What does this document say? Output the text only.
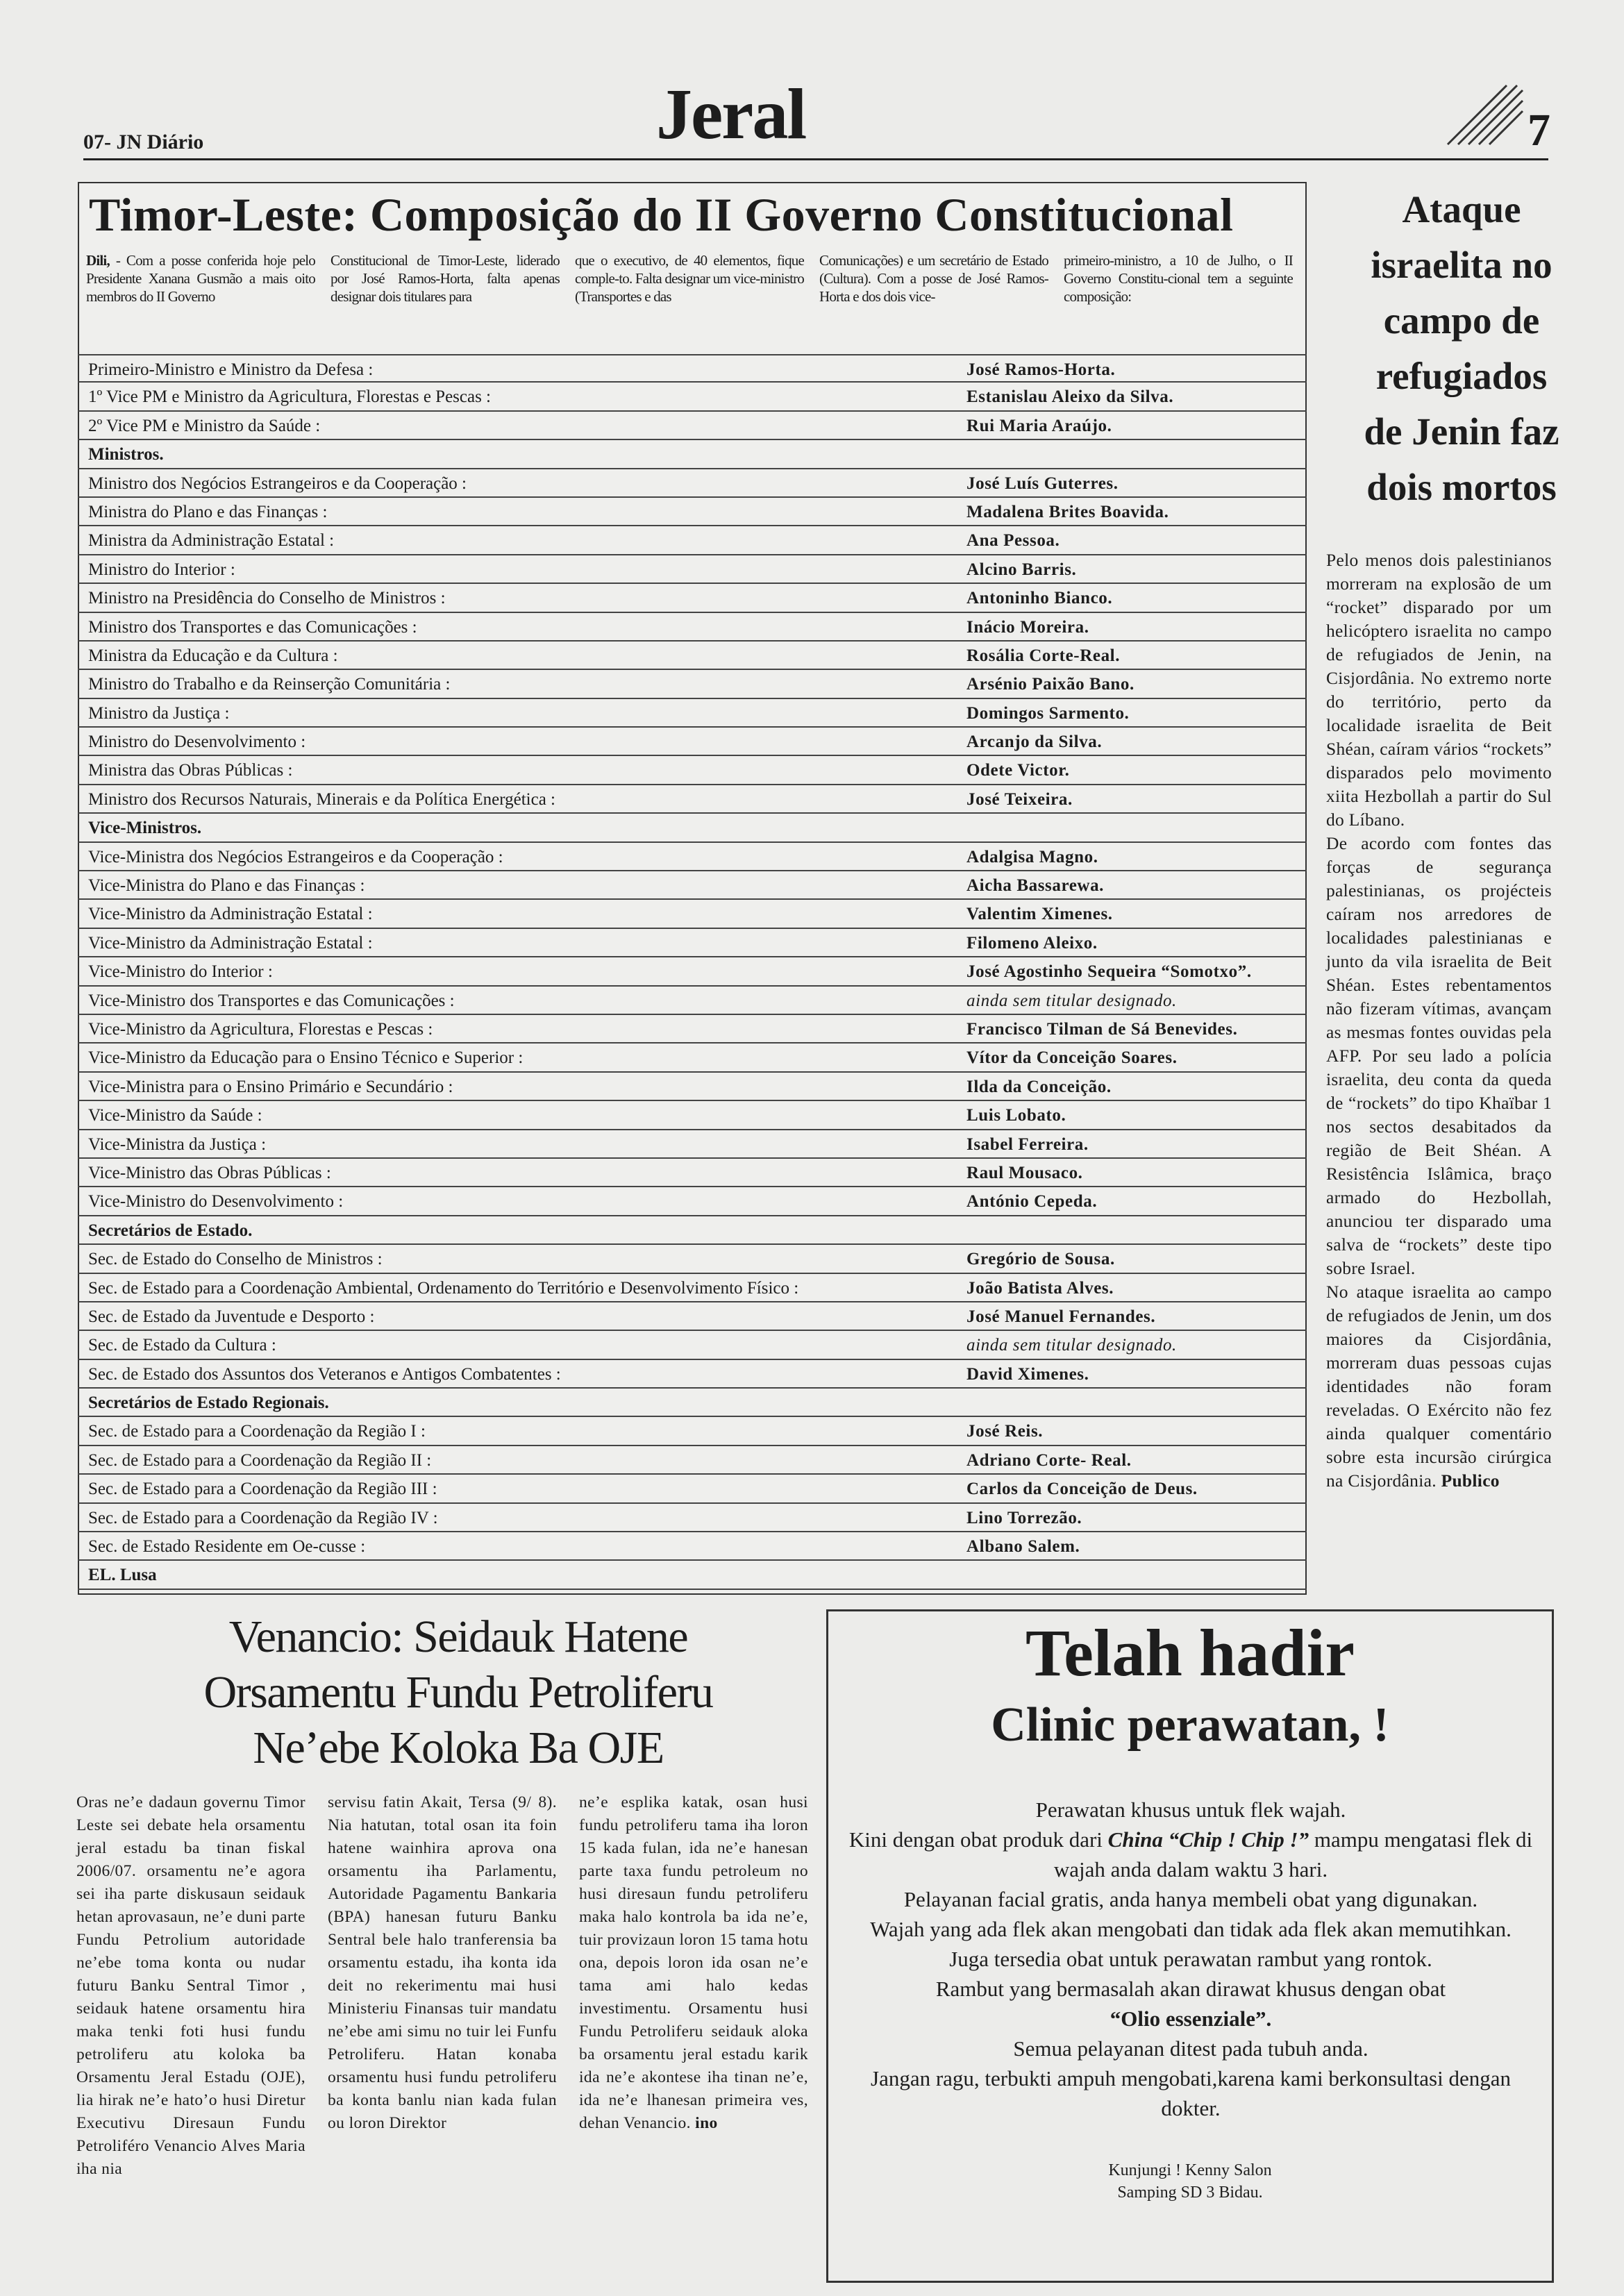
07- JN Diário	Jeral	7
Timor-Leste: Composição do II Governo Constitucional
Dili, - Com a posse conferida hoje pelo Presidente Xanana Gusmão a mais oito membros do II Governo
Constitucional de Timor-Leste, liderado por José Ramos-Horta, falta apenas designar dois titulares para
que o executivo, de 40 elementos, fique comple-to. Falta designar um vice-ministro (Transportes e das
Comunicações) e um secretário de Estado (Cultura). Com a posse de José Ramos-Horta e dos dois vice-
primeiro-ministro, a 10 de Julho, o II Governo Constitu-cional tem a seguinte composição:
Primeiro-Ministro e Ministro da Defesa :	José Ramos-Horta.
1º Vice PM e Ministro da Agricultura, Florestas e Pescas :	Estanislau Aleixo da Silva.
2º Vice PM e Ministro da Saúde :	Rui Maria Araújo.
Ministros.
Ministro dos Negócios Estrangeiros e da Cooperação :	José Luís Guterres.
Ministra do Plano e das Finanças :	Madalena Brites Boavida.
Ministra da Administração Estatal :	Ana Pessoa.
Ministro do Interior :	Alcino Barris.
Ministro na Presidência do Conselho de Ministros :	Antoninho Bianco.
Ministro dos Transportes e das Comunicações :	Inácio Moreira.
Ministra da Educação e da Cultura :	Rosália Corte-Real.
Ministro do Trabalho e da Reinserção Comunitária :	Arsénio Paixão Bano.
Ministro da Justiça :	Domingos Sarmento.
Ministro do Desenvolvimento :	Arcanjo da Silva.
Ministra das Obras Públicas :	Odete Victor.
Ministro dos Recursos Naturais, Minerais e da Política Energética :	José Teixeira.
Vice-Ministros.
Vice-Ministra dos Negócios Estrangeiros e da Cooperação :	Adalgisa Magno.
Vice-Ministra do Plano e das Finanças :	Aicha Bassarewa.
Vice-Ministro da Administração Estatal :	Valentim Ximenes.
Vice-Ministro da Administração Estatal :	Filomeno Aleixo.
Vice-Ministro do Interior :	José Agostinho Sequeira “Somotxo”.
Vice-Ministro dos Transportes e das Comunicações :	ainda sem titular designado.
Vice-Ministro da Agricultura, Florestas e Pescas :	Francisco Tilman de Sá Benevides.
Vice-Ministro da Educação para o Ensino Técnico e Superior :	Vítor da Conceição Soares.
Vice-Ministra para o Ensino Primário e Secundário :	Ilda da Conceição.
Vice-Ministro da Saúde :	Luis Lobato.
Vice-Ministra da Justiça :	Isabel Ferreira.
Vice-Ministro das Obras Públicas :	Raul Mousaco.
Vice-Ministro do Desenvolvimento :	António Cepeda.
Secretários de Estado.
Sec. de Estado do Conselho de Ministros :	Gregório de Sousa.
Sec. de Estado para a Coordenação Ambiental, Ordenamento do Território e Desenvolvimento Físico :	João Batista Alves.
Sec. de Estado da Juventude e Desporto :	José Manuel Fernandes.
Sec. de Estado da Cultura :	ainda sem titular designado.
Sec. de Estado dos Assuntos dos Veteranos e Antigos Combatentes :	David Ximenes.
Secretários de Estado Regionais.
Sec. de Estado para a Coordenação da Região I :	José Reis.
Sec. de Estado para a Coordenação da Região II :	Adriano Corte- Real.
Sec. de Estado para a Coordenação da Região III :	Carlos da Conceição de Deus.
Sec. de Estado para a Coordenação da Região IV :	Lino Torrezão.
Sec. de Estado Residente em Oe-cusse :	Albano Salem.
EL. Lusa
Ataque
israelita no
campo de
refugiados
de Jenin faz
dois mortos

Pelo menos dois palestinianos morreram na explosão de um “rocket” disparado por um helicóptero israelita no campo de refugiados de Jenin, na Cisjordânia. No extremo norte do território, perto da localidade israelita de Beit Shéan, caíram vários “rockets” disparados pelo movimento xiita Hezbollah a partir do Sul do Líbano.

De acordo com fontes das forças de segurança palestinianas, os projécteis caíram nos arredores de localidades palestinianas e junto da vila israelita de Beit Shéan. Estes rebentamentos não fizeram vítimas, avançam as mesmas fontes ouvidas pela AFP. Por seu lado a polícia israelita, deu conta da queda de “rockets” do tipo Khaïbar 1 nos sectos desabitados da região de Beit Shéan. A Resistência Islâmica, braço armado do Hezbollah, anunciou ter disparado uma salva de “rockets” deste tipo sobre Israel.

No ataque israelita ao campo de refugiados de Jenin, um dos maiores da Cisjordânia, morreram duas pessoas cujas identidades não foram reveladas. O Exército não fez ainda qualquer comentário sobre esta incursão cirúrgica na Cisjordânia. Publico

Venancio: Seidauk Hatene
Orsamentu Fundu Petroliferu
Ne’ebe Koloka Ba OJE
Oras ne’e dadaun governu Timor Leste sei debate hela orsamentu jeral estadu ba tinan fiskal 2006/07. orsamentu ne’e agora sei iha parte diskusaun seidauk hetan aprovasaun, ne’e duni parte Fundu Petrolium autoridade ne’ebe toma konta ou nudar futuru Banku Sentral Timor , seidauk hatene orsamentu hira maka tenki foti husi fundu petroliferu atu koloka ba Orsamentu Jeral Estadu (OJE), lia hirak ne’e hato’o husi Diretur Executivu Diresaun Fundu Petroliféro Venancio Alves Maria iha nia
servisu fatin Akait, Tersa (9/ 8). Nia hatutan, total osan ita foin hatene wainhira aprova ona orsamentu iha Parlamentu, Autoridade Pagamentu Bankaria (BPA) hanesan futuru Banku Sentral bele halo tranferensia ba orsamentu estadu, iha konta ida deit no rekerimentu mai husi Ministeriu Finansas tuir mandatu ne’ebe ami simu no tuir lei Funfu Petroliferu. Hatan konaba orsamentu husi fundu petroliferu ba konta banlu nian kada fulan ou loron Direktor
ne’e esplika katak, osan husi fundu petroliferu tama iha loron 15 kada fulan, ida ne’e hanesan parte taxa fundu petroleum no husi diresaun fundu petroliferu maka halo kontrola ba ida ne’e, tuir provizaun loron 15 tama hotu ona, depois loron ida osan ne’e tama ami halo kedas investimentu. Orsamentu husi Fundu Petroliferu seidauk aloka ba orsamentu jeral estadu karik ida ne’e akontese iha tinan ne’e, ida ne’e lhanesan primeira ves, dehan Venancio. ino
Telah hadir
Clinic perawatan, !
Perawatan khusus untuk flek wajah.
Kini dengan obat produk dari China “Chip ! Chip !” mampu mengatasi flek di wajah anda dalam waktu 3 hari.
Pelayanan facial gratis, anda hanya membeli obat yang digunakan.
Wajah yang ada flek akan mengobati dan tidak ada flek akan memutihkan.
Juga tersedia obat untuk perawatan rambut yang rontok.
Rambut yang bermasalah akan dirawat khusus dengan obat
“Olio essenziale”.
Semua pelayanan ditest pada tubuh anda.
Jangan ragu, terbukti ampuh mengobati,karena kami berkonsultasi dengan dokter.
Kunjungi ! Kenny Salon
Samping SD 3 Bidau.
